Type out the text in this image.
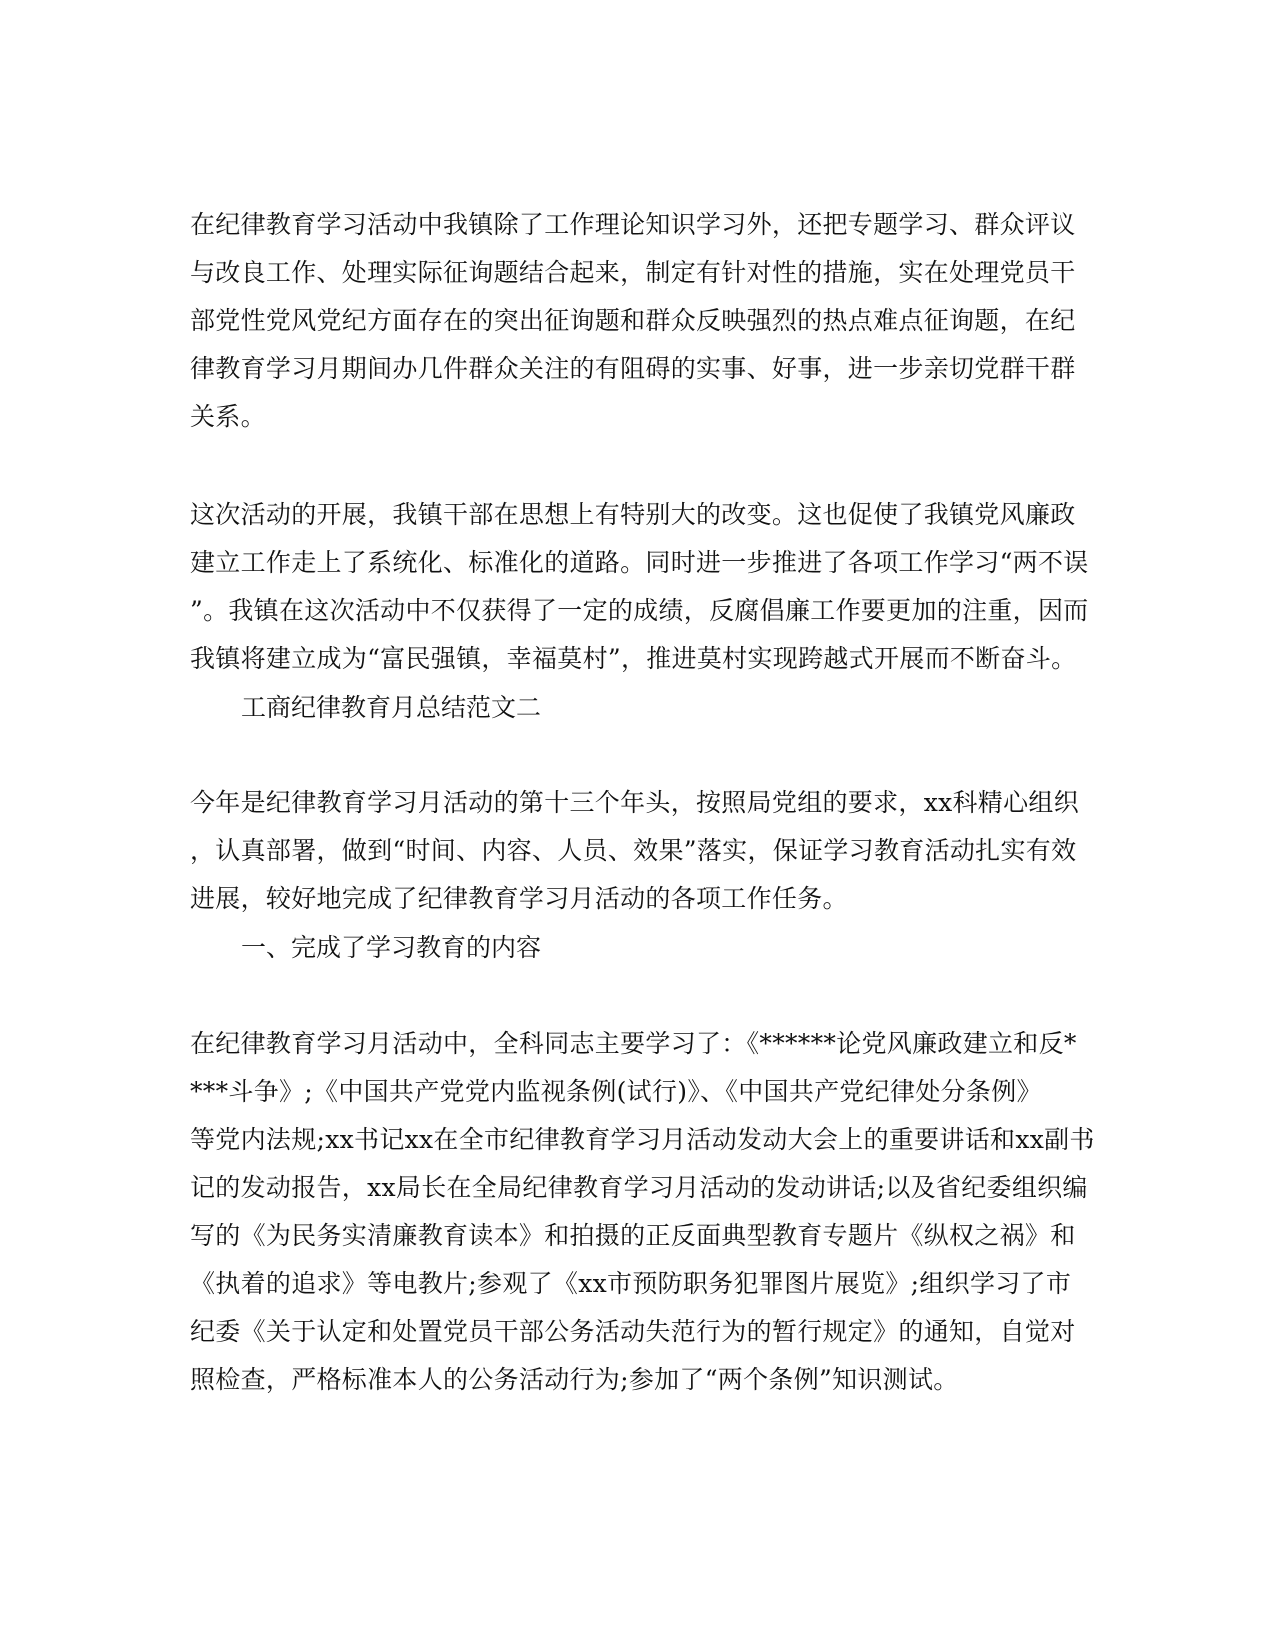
在纪律教育学习活动中我镇除了工作理论知识学习外，还把专题学习、群众评议
与改良工作、处理实际征询题结合起来，制定有针对性的措施，实在处理党员干
部党性党风党纪方面存在的突出征询题和群众反映强烈的热点难点征询题，在纪
律教育学习月期间办几件群众关注的有阻碍的实事、好事，进一步亲切党群干群
关系。
这次活动的开展，我镇干部在思想上有特别大的改变。这也促使了我镇党风廉政
建立工作走上了系统化、标准化的道路。同时进一步推进了各项工作学习“两不误
”。我镇在这次活动中不仅获得了一定的成绩，反腐倡廉工作要更加的注重，因而
我镇将建立成为“富民强镇，幸福莫村”，推进莫村实现跨越式开展而不断奋斗。
工商纪律教育月总结范文二
今年是纪律教育学习月活动的第十三个年头，按照局党组的要求，xx科精心组织
，认真部署，做到“时间、内容、人员、效果”落实，保证学习教育活动扎实有效
进展，较好地完成了纪律教育学习月活动的各项工作任务。
一、完成了学习教育的内容
在纪律教育学习月活动中，全科同志主要学习了：《******论党风廉政建立和反*
***斗争》;《中国共产党党内监视条例(试行)》、《中国共产党纪律处分条例》
等党内法规;xx书记xx在全市纪律教育学习月活动发动大会上的重要讲话和xx副书
记的发动报告，xx局长在全局纪律教育学习月活动的发动讲话;以及省纪委组织编
写的《为民务实清廉教育读本》和拍摄的正反面典型教育专题片《纵权之祸》和
《执着的追求》等电教片;参观了《xx市预防职务犯罪图片展览》;组织学习了市
纪委《关于认定和处置党员干部公务活动失范行为的暂行规定》的通知，自觉对
照检查，严格标准本人的公务活动行为;参加了“两个条例”知识测试。
